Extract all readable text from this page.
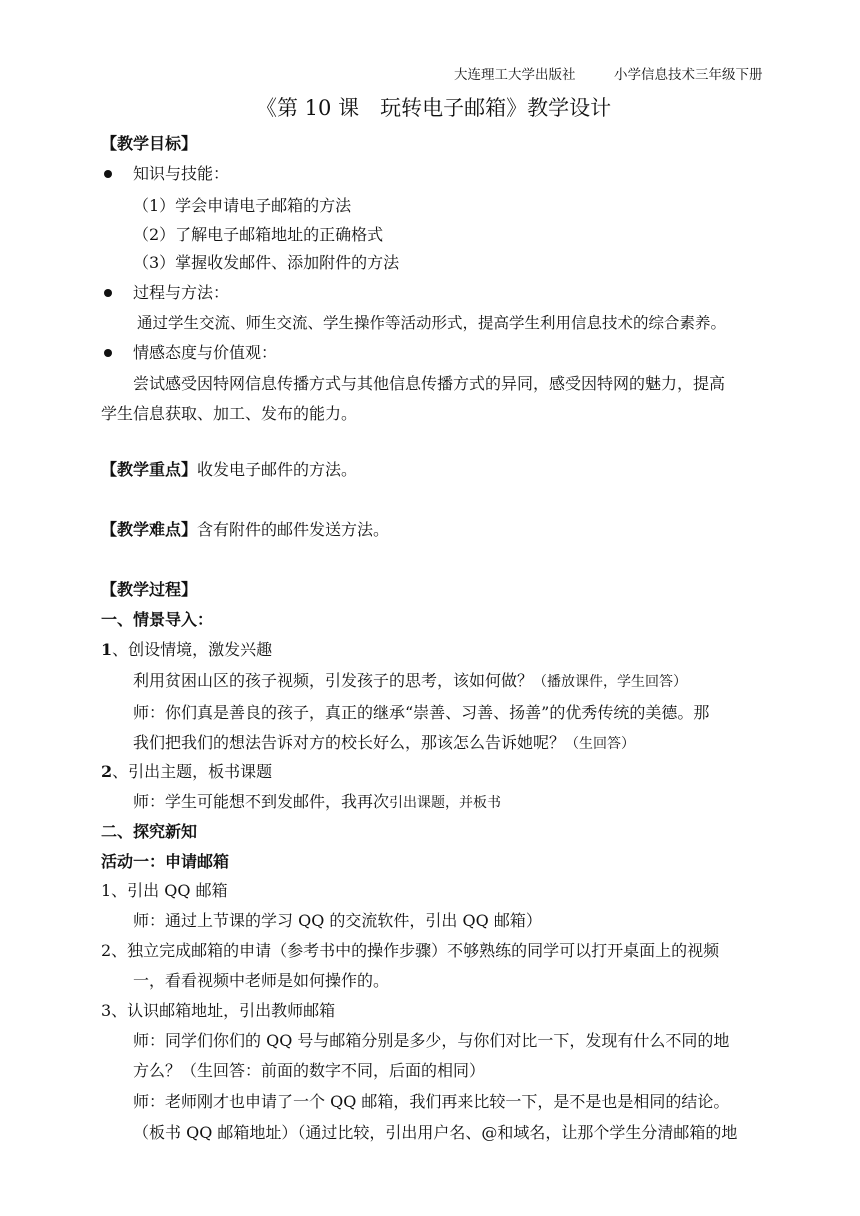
大连理工大学出版社	小学信息技术三年级下册
《第 10 课　玩转电子邮箱》教学设计
【教学目标】
知识与技能：
（1）学会申请电子邮箱的方法
（2）了解电子邮箱地址的正确格式
（3）掌握收发邮件、添加附件的方法
过程与方法：
通过学生交流、师生交流、学生操作等活动形式，提高学生利用信息技术的综合素养。
情感态度与价值观：
尝试感受因特网信息传播方式与其他信息传播方式的异同，感受因特网的魅力，提高
学生信息获取、加工、发布的能力。
【教学重点】收发电子邮件的方法。
【教学难点】含有附件的邮件发送方法。
【教学过程】
一、情景导入：
1、创设情境，激发兴趣
利用贫困山区的孩子视频，引发孩子的思考，该如何做？（播放课件，学生回答）
师：你们真是善良的孩子，真正的继承“崇善、习善、扬善”的优秀传统的美德。那
我们把我们的想法告诉对方的校长好么，那该怎么告诉她呢？（生回答）
2、引出主题，板书课题
师：学生可能想不到发邮件，我再次引出课题，并板书
二、探究新知
活动一：申请邮箱
1、引出 QQ 邮箱
师：通过上节课的学习 QQ 的交流软件，引出 QQ 邮箱）
2、独立完成邮箱的申请（参考书中的操作步骤）不够熟练的同学可以打开桌面上的视频
一，看看视频中老师是如何操作的。
3、认识邮箱地址，引出教师邮箱
师：同学们你们的 QQ 号与邮箱分别是多少，与你们对比一下，发现有什么不同的地
方么？（生回答：前面的数字不同，后面的相同）
师：老师刚才也申请了一个 QQ 邮箱，我们再来比较一下，是不是也是相同的结论。
（板书 QQ 邮箱地址）（通过比较，引出用户名、@和域名，让那个学生分清邮箱的地
